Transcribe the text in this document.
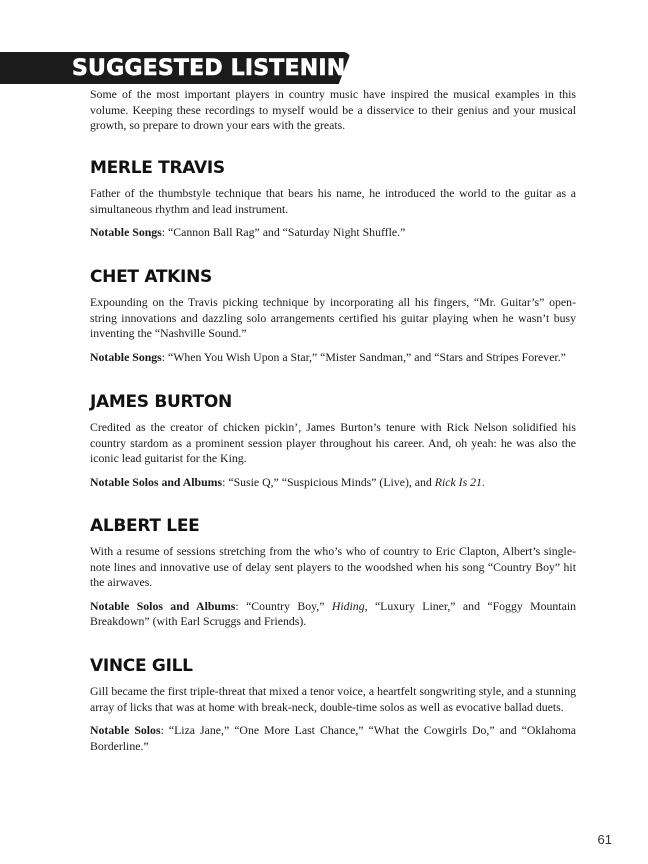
SUGGESTED LISTENING

Some of the most important players in country music have inspired the musical examples in this volume. Keeping these recordings to myself would be a disservice to their genius and your musical growth, so prepare to drown your ears with the greats.

MERLE TRAVIS

Father of the thumbstyle technique that bears his name, he introduced the world to the guitar as a simultaneous rhythm and lead instrument.

Notable Songs: “Cannon Ball Rag” and “Saturday Night Shuffle.”

CHET ATKINS

Expounding on the Travis picking technique by incorporating all his fingers, “Mr. Guitar’s” open-string innovations and dazzling solo arrangements certified his guitar playing when he wasn’t busy inventing the “Nashville Sound.”

Notable Songs: “When You Wish Upon a Star,” “Mister Sandman,” and “Stars and Stripes Forever.”

JAMES BURTON

Credited as the creator of chicken pickin’, James Burton’s tenure with Rick Nelson solidified his country stardom as a prominent session player throughout his career. And, oh yeah: he was also the iconic lead guitarist for the King.

Notable Solos and Albums: “Susie Q,” “Suspicious Minds” (Live), and Rick Is 21.

ALBERT LEE

With a resume of sessions stretching from the who’s who of country to Eric Clapton, Albert’s single-note lines and innovative use of delay sent players to the woodshed when his song “Country Boy” hit the airwaves.

Notable Solos and Albums: “Country Boy,” Hiding, “Luxury Liner,” and “Foggy Mountain Breakdown” (with Earl Scruggs and Friends).

VINCE GILL

Gill became the first triple-threat that mixed a tenor voice, a heartfelt songwriting style, and a stunning array of licks that was at home with break-neck, double-time solos as well as evocative ballad duets.

Notable Solos: “Liza Jane,” “One More Last Chance,” “What the Cowgirls Do,” and “Oklahoma Borderline.”

61
